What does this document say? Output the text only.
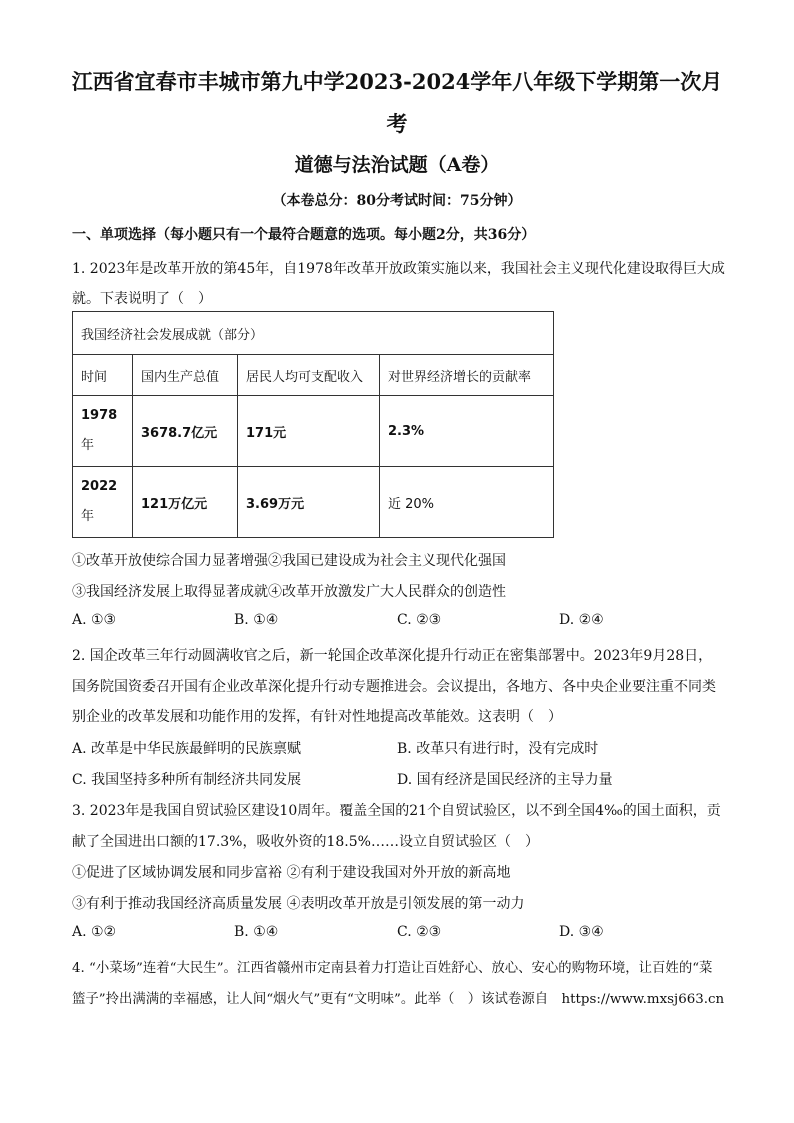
江西省宜春市丰城市第九中学2023-2024学年八年级下学期第一次月
考
道德与法治试题（A卷）
（本卷总分：80分考试时间：75分钟）
一、单项选择（每小题只有一个最符合题意的选项。每小题2分，共36分）
1. 2023年是改革开放的第45年，自1978年改革开放政策实施以来，我国社会主义现代化建设取得巨大成
就。下表说明了（　）
我国经济社会发展成就（部分）			
时间	国内生产总值	居民人均可支配收入	对世界经济增长的贡献率

1978
年	3678.7亿元	171元	2.3%

2022
年	121万亿元	3.69万元	近 20%
①改革开放使综合国力显著增强②我国已建设成为社会主义现代化强国
③我国经济发展上取得显著成就④改革开放激发广大人民群众的创造性
A. ①③	B. ①④	C. ②③	D. ②④
2. 国企改革三年行动圆满收官之后，新一轮国企改革深化提升行动正在密集部署中。2023年9月28日，
国务院国资委召开国有企业改革深化提升行动专题推进会。会议提出，各地方、各中央企业要注重不同类
别企业的改革发展和功能作用的发挥，有针对性地提高改革能效。这表明（　）
A. 改革是中华民族最鲜明的民族禀赋	B. 改革只有进行时，没有完成时
C. 我国坚持多种所有制经济共同发展	D. 国有经济是国民经济的主导力量
3. 2023年是我国自贸试验区建设10周年。覆盖全国的21个自贸试验区，以不到全国4‰的国土面积，贡
献了全国进出口额的17.3%，吸收外资的18.5%……设立自贸试验区（　）
①促进了区域协调发展和同步富裕 ②有利于建设我国对外开放的新高地
③有利于推动我国经济高质量发展 ④表明改革开放是引领发展的第一动力
A. ①②	B. ①④	C. ②③	D. ③④
4. “小菜场”连着“大民生”。江西省赣州市定南县着力打造让百姓舒心、放心、安心的购物环境，让百姓的“菜
篮子”拎出满满的幸福感，让人间“烟火气”更有“文明味”。此举（　）该试卷源自　https://www.mxsj663.cn
